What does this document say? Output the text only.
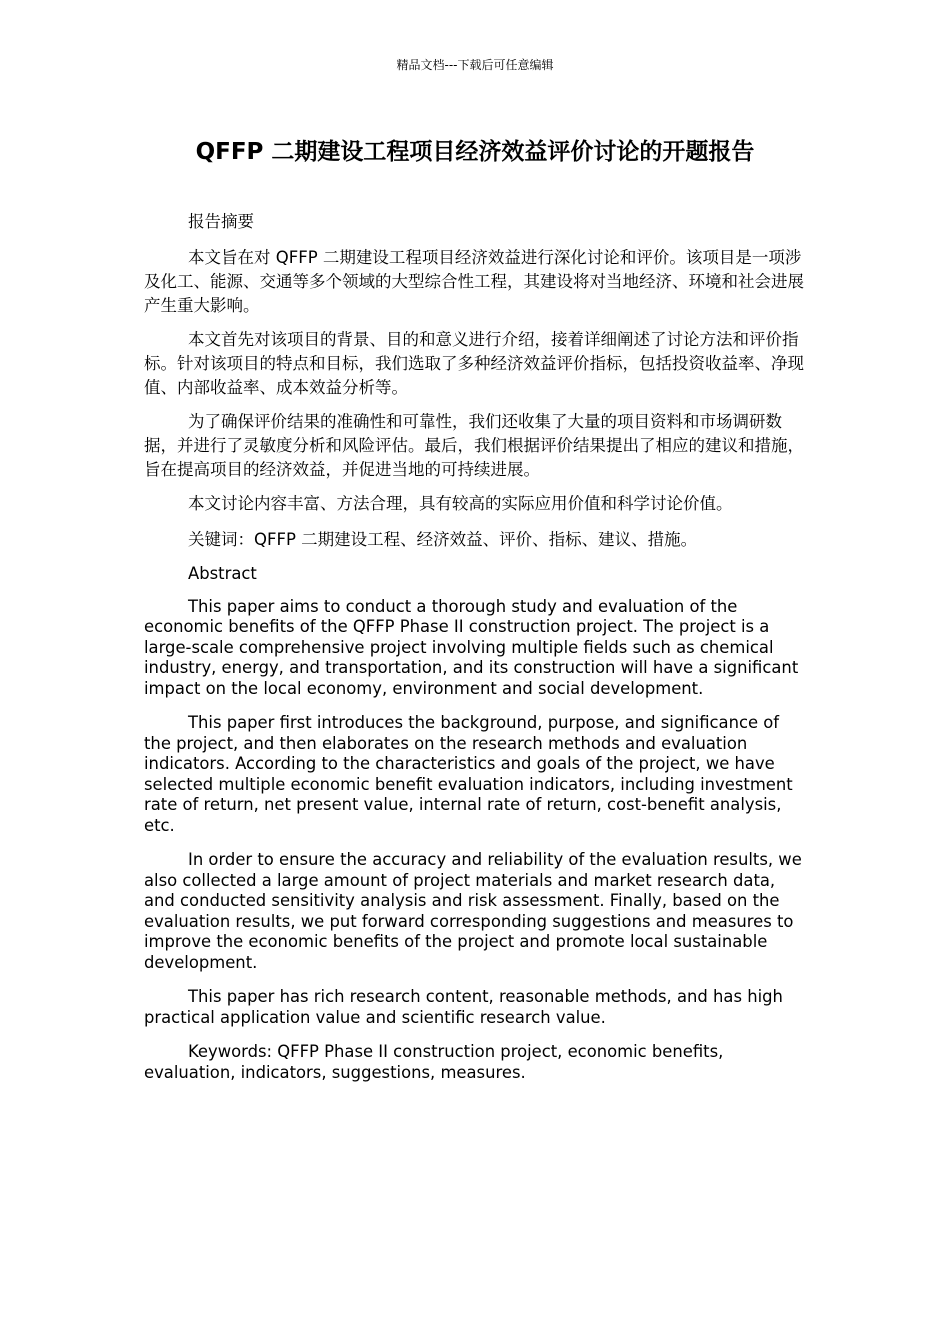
精品文档---下载后可任意编辑
QFFP 二期建设工程项目经济效益评价讨论的开题报告

报告摘要

本文旨在对 QFFP 二期建设工程项目经济效益进行深化讨论和评价。该项目是一项涉及化工、能源、交通等多个领域的大型综合性工程，其建设将对当地经济、环境和社会进展产生重大影响。

本文首先对该项目的背景、目的和意义进行介绍，接着详细阐述了讨论方法和评价指标。针对该项目的特点和目标，我们选取了多种经济效益评价指标，包括投资收益率、净现值、内部收益率、成本效益分析等。

为了确保评价结果的准确性和可靠性，我们还收集了大量的项目资料和市场调研数据，并进行了灵敏度分析和风险评估。最后，我们根据评价结果提出了相应的建议和措施，旨在提高项目的经济效益，并促进当地的可持续进展。

本文讨论内容丰富、方法合理，具有较高的实际应用价值和科学讨论价值。

关键词：QFFP 二期建设工程、经济效益、评价、指标、建议、措施。

Abstract

This paper aims to conduct a thorough study and evaluation of the economic benefits of the QFFP Phase II construction project. The project is a large-scale comprehensive project involving multiple fields such as chemical industry, energy, and transportation, and its construction will have a significant impact on the local economy, environment and social development.

This paper first introduces the background, purpose, and significance of the project, and then elaborates on the research methods and evaluation indicators. According to the characteristics and goals of the project, we have selected multiple economic benefit evaluation indicators, including investment rate of return, net present value, internal rate of return, cost-benefit analysis, etc.

In order to ensure the accuracy and reliability of the evaluation results, we also collected a large amount of project materials and market research data, and conducted sensitivity analysis and risk assessment. Finally, based on the evaluation results, we put forward corresponding suggestions and measures to improve the economic benefits of the project and promote local sustainable development.

This paper has rich research content, reasonable methods, and has high practical application value and scientific research value.

Keywords: QFFP Phase II construction project, economic benefits, evaluation, indicators, suggestions, measures.
